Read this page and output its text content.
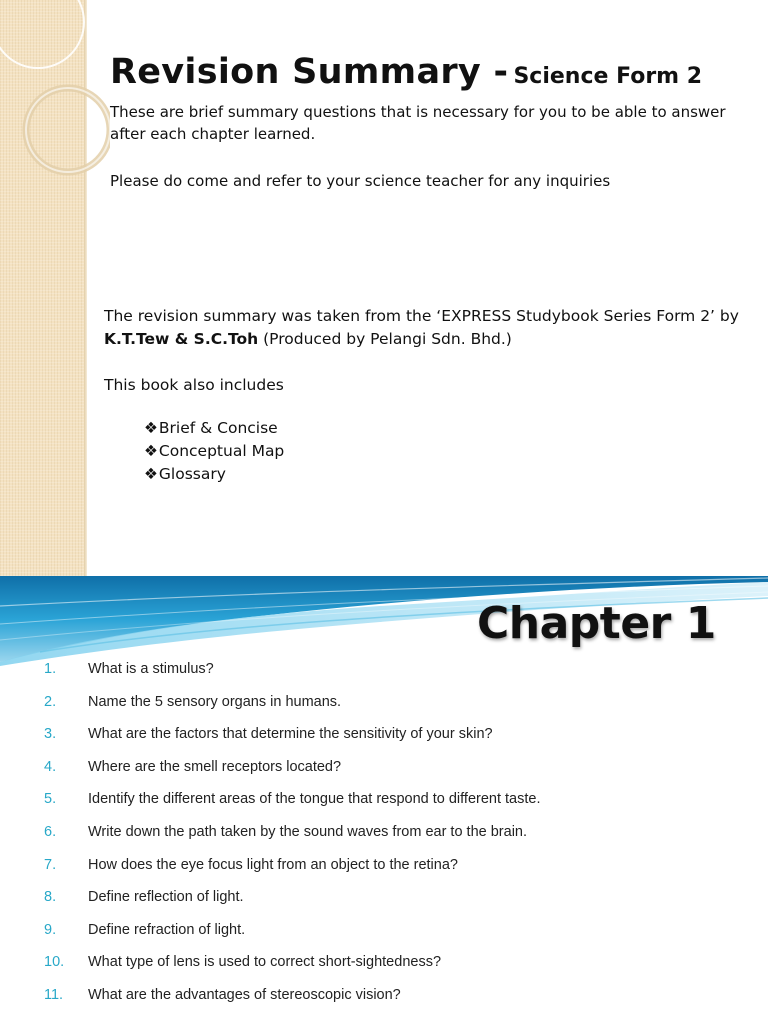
Revision Summary - Science Form 2

These are brief summary questions that is necessary for you to be able to answer after each chapter learned.

Please do come and refer to your science teacher for any inquiries

The revision summary was taken from the ‘EXPRESS Studybook Series Form 2’ by K.T.Tew & S.C.Toh (Produced by Pelangi Sdn. Bhd.)

This book also includes

❖Brief & Concise
❖Conceptual Map
❖Glossary
Chapter 1
1. What is a stimulus?
2. Name the 5 sensory organs in humans.
3. What are the factors that determine the sensitivity of your skin?
4. Where are the smell receptors located?
5. Identify the different areas of the tongue that respond to different taste.
6. Write down the path taken by the sound waves from ear to the brain.
7. How does the eye focus light from an object to the retina?
8. Define reflection of light.
9. Define refraction of light.
10. What type of lens is used to correct short-sightedness?
11. What are the advantages of stereoscopic vision?
